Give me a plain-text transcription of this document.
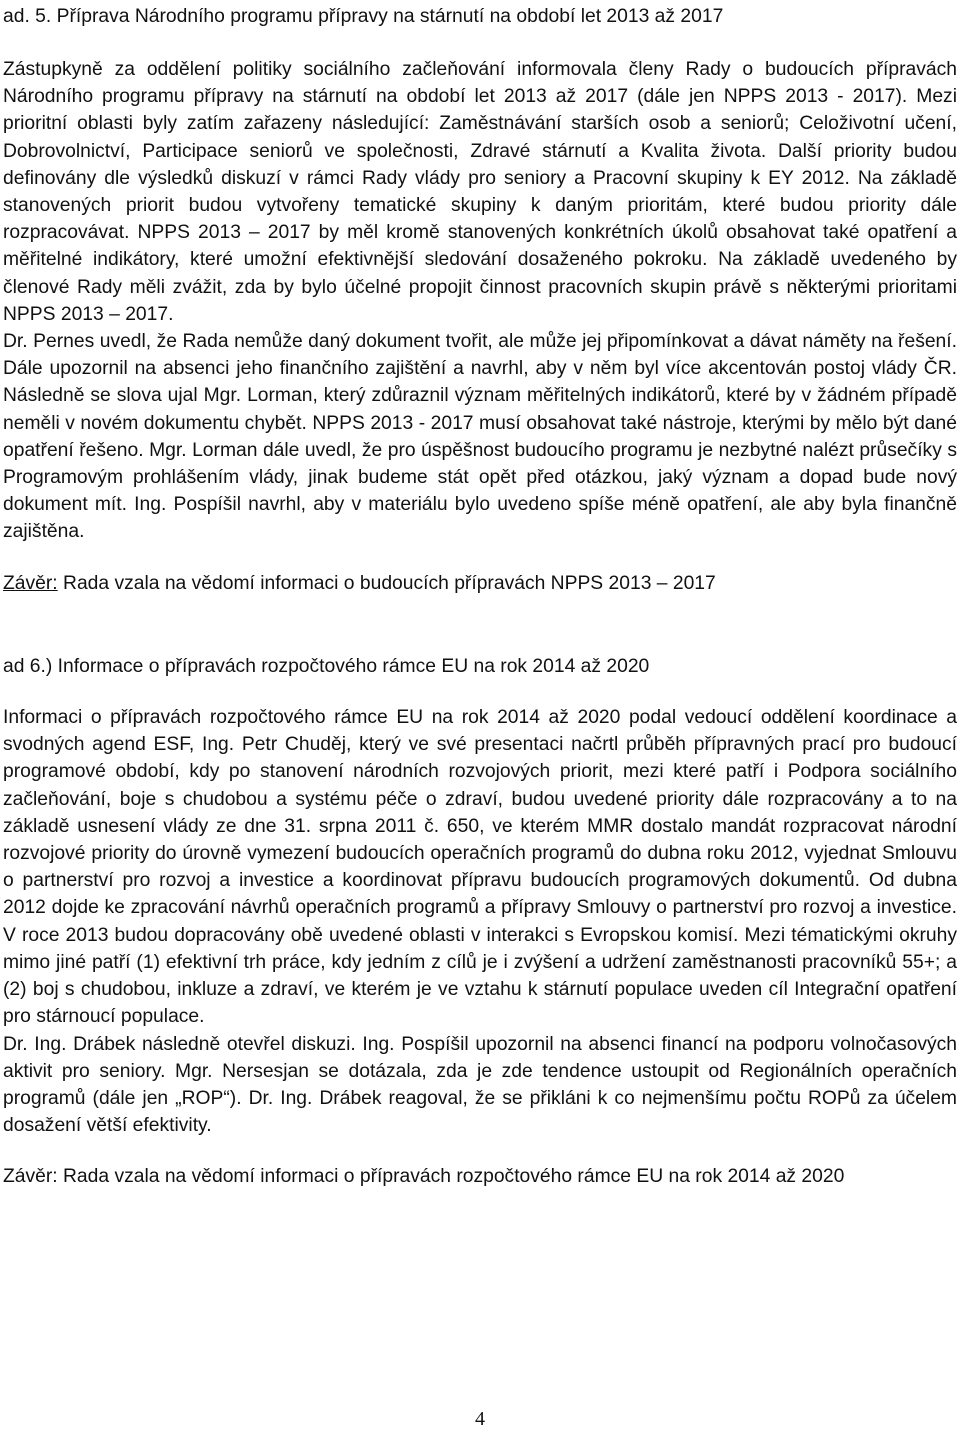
ad. 5. Příprava Národního programu přípravy na stárnutí na období let 2013 až 2017

Zástupkyně za oddělení politiky sociálního začleňování informovala členy Rady o budoucích přípravách Národního programu přípravy na stárnutí na období let 2013 až 2017 (dále jen NPPS 2013 - 2017). Mezi prioritní oblasti byly zatím zařazeny následující: Zaměstnávání starších osob a seniorů; Celoživotní učení, Dobrovolnictví, Participace seniorů ve společnosti, Zdravé stárnutí a Kvalita života. Další priority budou definovány dle výsledků diskuzí v rámci Rady vlády pro seniory a Pracovní skupiny k EY 2012. Na základě stanovených priorit budou vytvořeny tematické skupiny k daným prioritám, které budou priority dále rozpracovávat. NPPS 2013 – 2017 by měl kromě stanovených konkrétních úkolů obsahovat také opatření a měřitelné indikátory, které umožní efektivnější sledování dosaženého pokroku. Na základě uvedeného by členové Rady měli zvážit, zda by bylo účelné propojit činnost pracovních skupin právě s některými prioritami NPPS 2013 – 2017.

Dr. Pernes uvedl, že Rada nemůže daný dokument tvořit, ale může jej připomínkovat a dávat náměty na řešení. Dále upozornil na absenci jeho finančního zajištění a navrhl, aby v něm byl více akcentován postoj vlády ČR. Následně se slova ujal Mgr. Lorman, který zdůraznil význam měřitelných indikátorů, které by v žádném případě neměli v novém dokumentu chybět. NPPS 2013 - 2017 musí obsahovat také nástroje, kterými by mělo být dané opatření řešeno. Mgr. Lorman dále uvedl, že pro úspěšnost budoucího programu je nezbytné nalézt průsečíky s Programovým prohlášením vlády, jinak budeme stát opět před otázkou, jaký význam a dopad bude nový dokument mít. Ing. Pospíšil navrhl, aby v materiálu bylo uvedeno spíše méně opatření, ale aby byla finančně zajištěna.

Závěr: Rada vzala na vědomí informaci o budoucích přípravách NPPS 2013 – 2017

ad 6.) Informace o přípravách rozpočtového rámce EU na rok 2014 až 2020

Informaci o přípravách rozpočtového rámce EU na rok 2014 až 2020 podal vedoucí oddělení koordinace a svodných agend ESF, Ing. Petr Chuděj, který ve své presentaci načrtl průběh přípravných prací pro budoucí programové období, kdy po stanovení národních rozvojových priorit, mezi které patří i Podpora sociálního začleňování, boje s chudobou a systému péče o zdraví, budou uvedené priority dále rozpracovány a to na základě usnesení vlády ze dne 31. srpna 2011 č. 650, ve kterém MMR dostalo mandát rozpracovat národní rozvojové priority do úrovně vymezení budoucích operačních programů do dubna roku 2012, vyjednat Smlouvu o partnerství pro rozvoj a investice a koordinovat přípravu budoucích programových dokumentů. Od dubna 2012 dojde ke zpracování návrhů operačních programů a přípravy Smlouvy o partnerství pro rozvoj a investice. V roce 2013 budou dopracovány obě uvedené oblasti v interakci s Evropskou komisí. Mezi tématickými okruhy mimo jiné patří (1) efektivní trh práce, kdy jedním z cílů je i zvýšení a udržení zaměstnanosti pracovníků 55+; a (2) boj s chudobou, inkluze a zdraví, ve kterém je ve vztahu k stárnutí populace uveden cíl Integrační opatření pro stárnoucí populace.

Dr. Ing. Drábek následně otevřel diskuzi. Ing. Pospíšil upozornil na absenci financí na podporu volnočasových aktivit pro seniory. Mgr. Nersesjan se dotázala, zda je zde tendence ustoupit od Regionálních operačních programů (dále jen „ROP“). Dr. Ing. Drábek reagoval, že se přikláni k co nejmenšímu počtu ROPů za účelem dosažení větší efektivity.

Závěr: Rada vzala na vědomí informaci o přípravách rozpočtového rámce EU na rok 2014 až 2020

4
